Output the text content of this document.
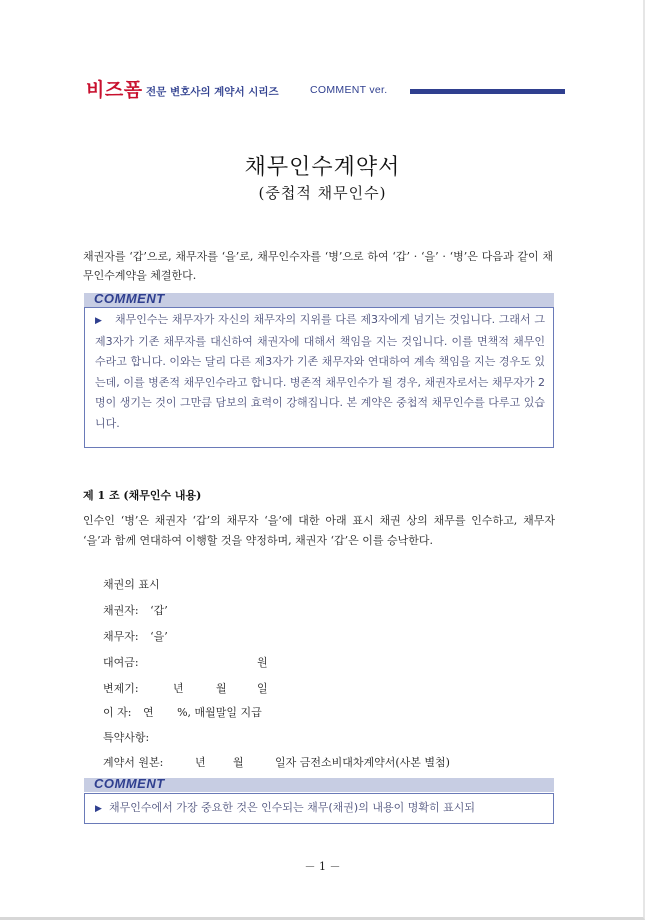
비즈폼 전문 변호사의 계약서 시리즈	COMMENT ver.
채무인수계약서
(중첩적 채무인수)
채권자를 ‘갑’으로, 채무자를 ‘을’로, 채무인수자를 ‘병’으로 하여 ‘갑’ · ‘을’ · ‘병’은 다음과 같이 채무인수계약을 체결한다.
COMMENT
▶ 채무인수는 채무자가 자신의 채무자의 지위를 다른 제3자에게 넘기는 것입니다. 그래서 그 제3자가 기존 채무자를 대신하여 채권자에 대해서 책임을 지는 것입니다. 이를 면책적 채무인수라고 합니다. 이와는 달리 다른 제3자가 기존 채무자와 연대하여 계속 책임을 지는 경우도 있는데, 이를 병존적 채무인수라고 합니다. 병존적 채무인수가 될 경우, 채권자로서는 채무자가 2명이 생기는 것이 그만큼 담보의 효력이 강해집니다. 본 계약은 중첩적 채무인수를 다루고 있습니다.
제 1 조 (채무인수 내용)
인수인 ‘병’은 채권자 ‘갑’의 채무자 ‘을’에 대한 아래 표시 채권 상의 채무를 인수하고, 채무자 ‘을’과 함께 연대하여 이행할 것을 약정하며, 채권자 ‘갑’은 이를 승낙한다.
채권의 표시
채권자: ‘갑’
채무자: ‘을’
대여금:	원
변제기:	년	월	일
이 자: 연 %, 매월말일 지급
특약사항:
계약서 원본:	년 월	일자 금전소비대차계약서(사본 별첨)
COMMENT
▶ 채무인수에서 가장 중요한 것은 인수되는 채무(채권)의 내용이 명확히 표시되
－ 1 －
